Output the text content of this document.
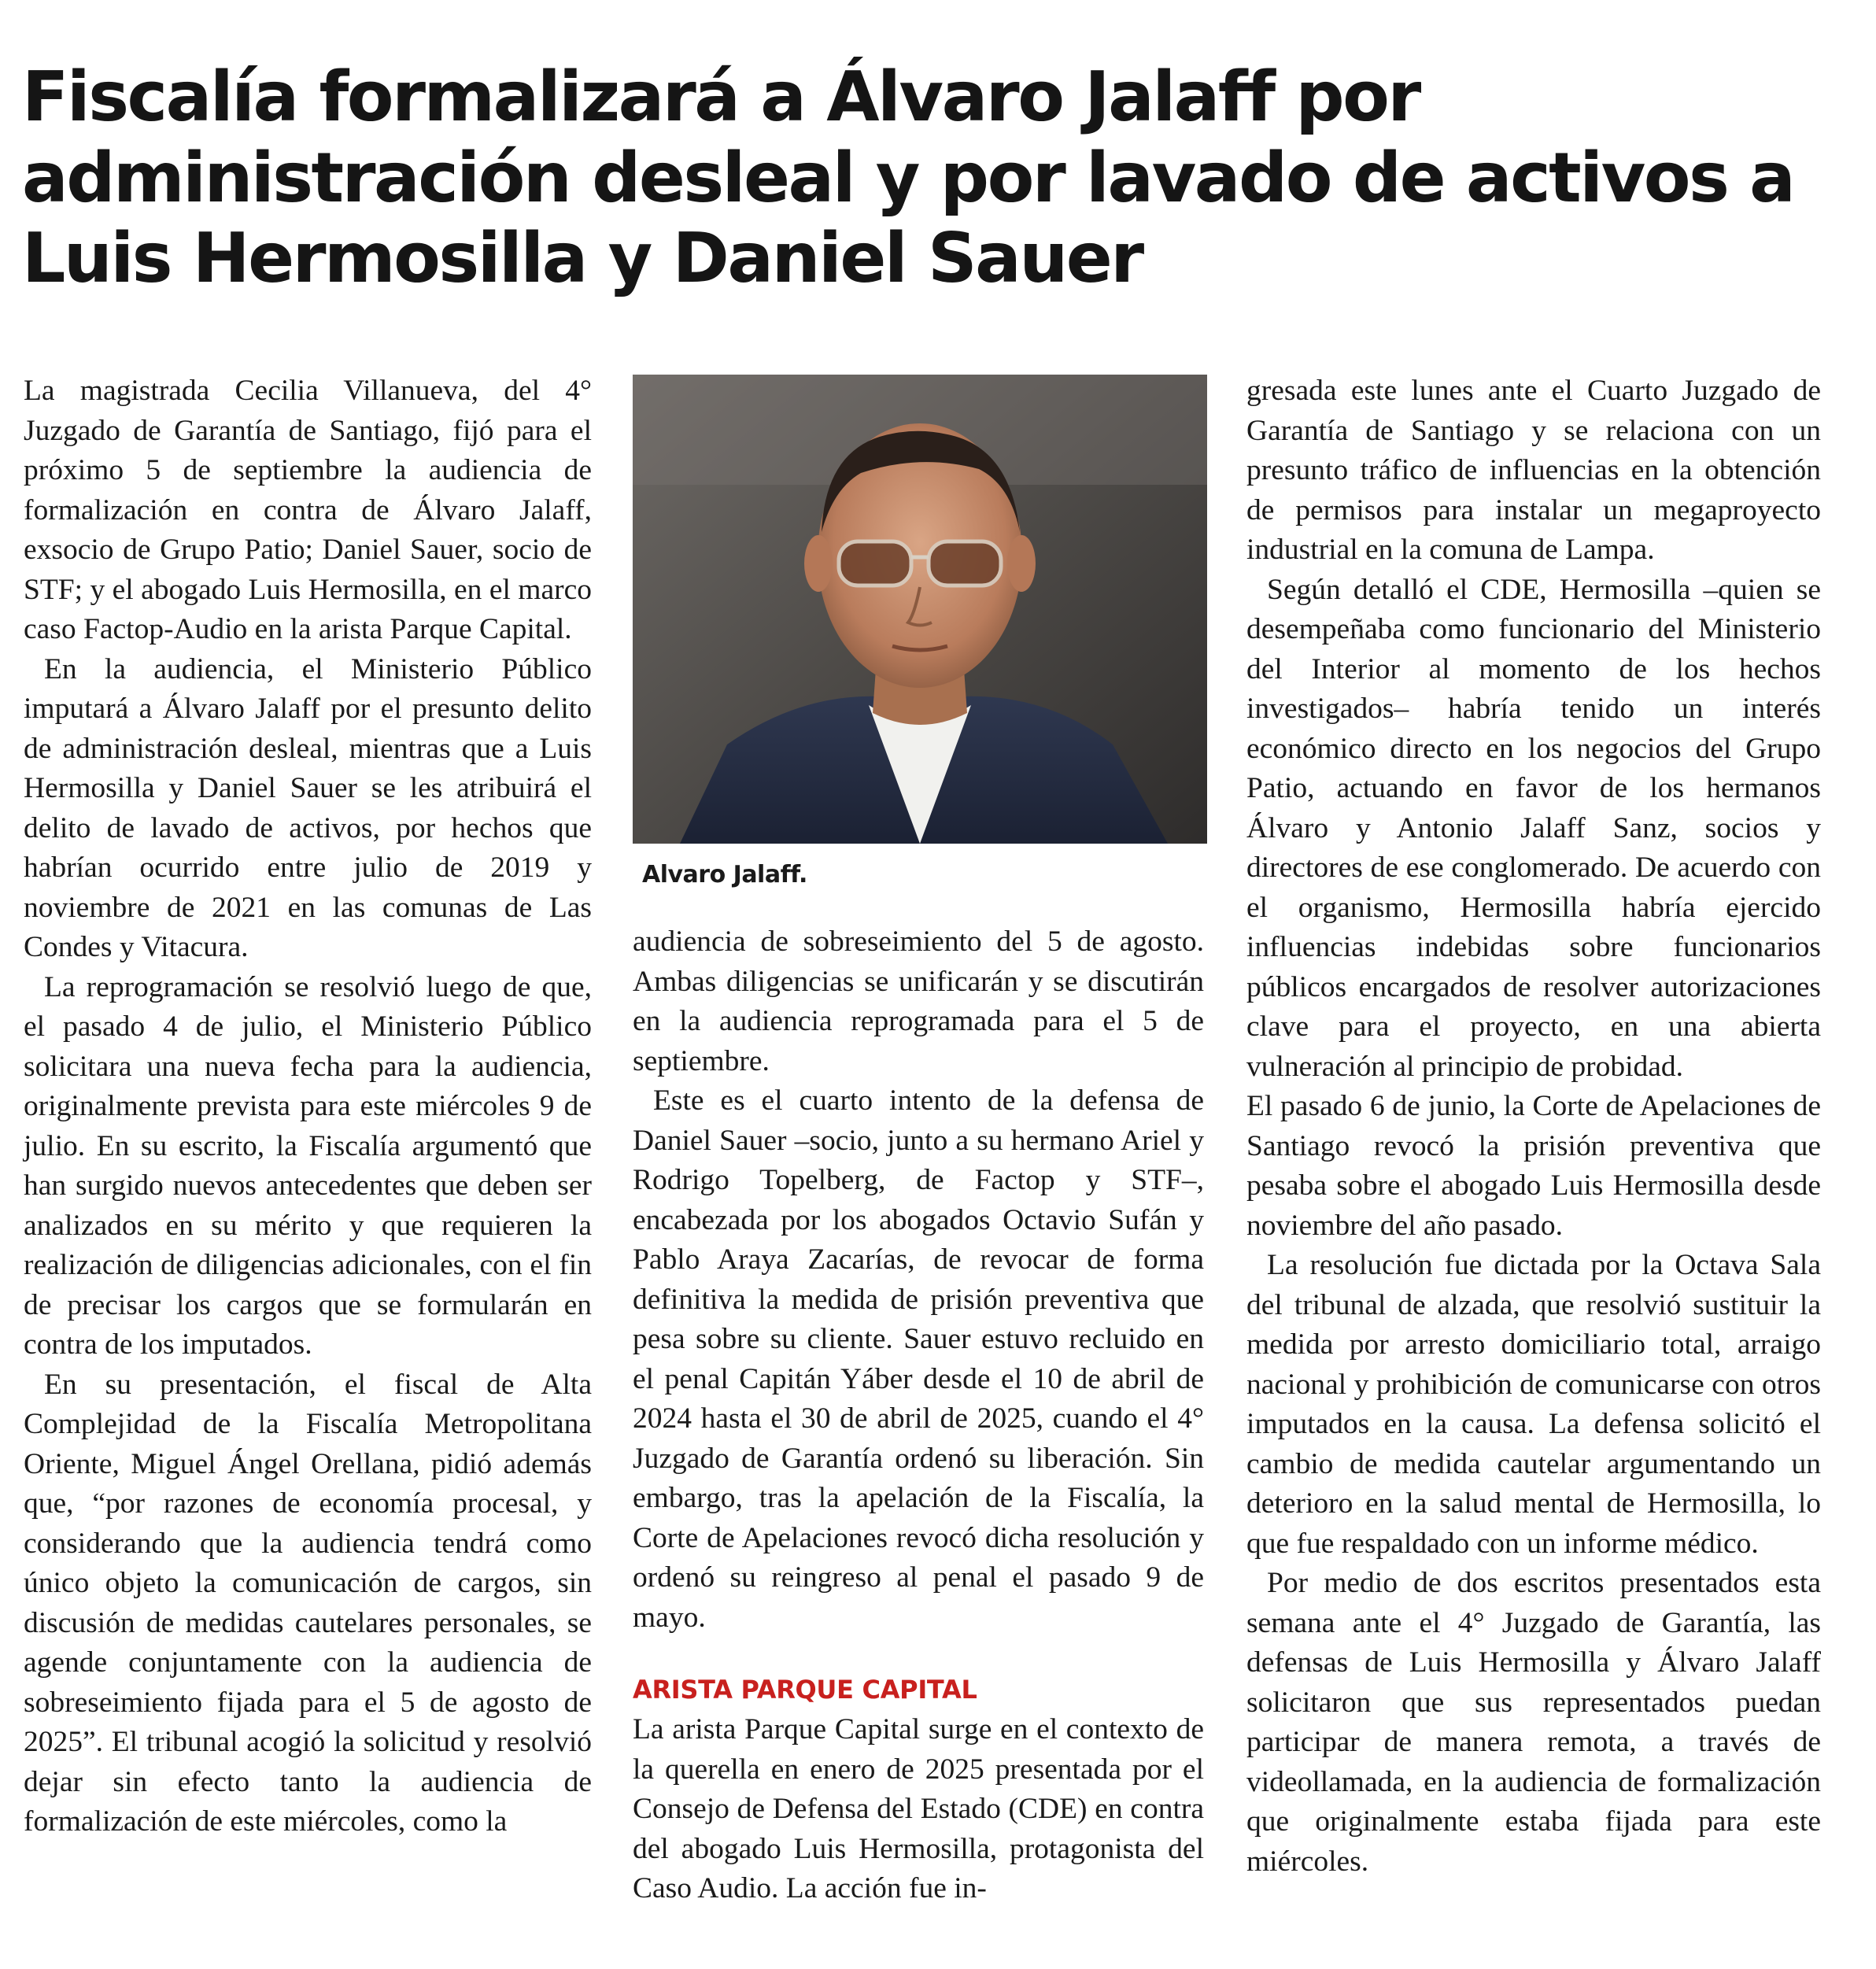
Fiscalía formalizará a Álvaro Jalaff por administración desleal y por lavado de activos a Luis Hermosilla y Daniel Sauer

La magistrada Cecilia Villanueva, del 4° Juzgado de Garantía de Santiago, fijó para el próximo 5 de septiembre la audiencia de formalización en contra de Álvaro Jalaff, exsocio de Grupo Patio; Daniel Sauer, socio de STF; y el abogado Luis Hermosilla, en el marco caso Factop-Audio en la arista Parque Capital.

En la audiencia, el Ministerio Público imputará a Álvaro Jalaff por el presunto delito de administración desleal, mientras que a Luis Hermosilla y Daniel Sauer se les atribuirá el delito de lavado de activos, por hechos que habrían ocurrido entre julio de 2019 y noviembre de 2021 en las comunas de Las Condes y Vitacura.

La reprogramación se resolvió luego de que, el pasado 4 de julio, el Ministerio Público solicitara una nueva fecha para la audiencia, originalmente prevista para este miércoles 9 de julio. En su escrito, la Fiscalía argumentó que han surgido nuevos antecedentes que deben ser analizados en su mérito y que requieren la realización de diligencias adicionales, con el fin de precisar los cargos que se formularán en contra de los imputados.

En su presentación, el fiscal de Alta Complejidad de la Fiscalía Metropolitana Oriente, Miguel Ángel Orellana, pidió además que, “por razones de economía procesal, y considerando que la audiencia tendrá como único objeto la comunicación de cargos, sin discusión de medidas cautelares personales, se agende conjuntamente con la audiencia de sobreseimiento fijada para el 5 de agosto de 2025”. El tribunal acogió la solicitud y resolvió dejar sin efecto tanto la audiencia de formalización de este miércoles, como la

Alvaro Jalaff.

audiencia de sobreseimiento del 5 de agosto. Ambas diligencias se unificarán y se discutirán en la audiencia reprogramada para el 5 de septiembre.

Este es el cuarto intento de la defensa de Daniel Sauer –socio, junto a su hermano Ariel y Rodrigo Topelberg, de Factop y STF–, encabezada por los abogados Octavio Sufán y Pablo Araya Zacarías, de revocar de forma definitiva la medida de prisión preventiva que pesa sobre su cliente. Sauer estuvo recluido en el penal Capitán Yáber desde el 10 de abril de 2024 hasta el 30 de abril de 2025, cuando el 4° Juzgado de Garantía ordenó su liberación. Sin embargo, tras la apelación de la Fiscalía, la Corte de Apelaciones revocó dicha resolución y ordenó su reingreso al penal el pasado 9 de mayo.

ARISTA PARQUE CAPITAL

La arista Parque Capital surge en el contexto de la querella en enero de 2025 presentada por el Consejo de Defensa del Estado (CDE) en contra del abogado Luis Hermosilla, protagonista del Caso Audio. La acción fue in-

gresada este lunes ante el Cuarto Juzgado de Garantía de Santiago y se relaciona con un presunto tráfico de influencias en la obtención de permisos para instalar un megaproyecto industrial en la comuna de Lampa.

Según detalló el CDE, Hermosilla –quien se desempeñaba como funcionario del Ministerio del Interior al momento de los hechos investigados– habría tenido un interés económico directo en los negocios del Grupo Patio, actuando en favor de los hermanos Álvaro y Antonio Jalaff Sanz, socios y directores de ese conglomerado. De acuerdo con el organismo, Hermosilla habría ejercido influencias indebidas sobre funcionarios públicos encargados de resolver autorizaciones clave para el proyecto, en una abierta vulneración al principio de probidad.

El pasado 6 de junio, la Corte de Apelaciones de Santiago revocó la prisión preventiva que pesaba sobre el abogado Luis Hermosilla desde noviembre del año pasado.

La resolución fue dictada por la Octava Sala del tribunal de alzada, que resolvió sustituir la medida por arresto domiciliario total, arraigo nacional y prohibición de comunicarse con otros imputados en la causa. La defensa solicitó el cambio de medida cautelar argumentando un deterioro en la salud mental de Hermosilla, lo que fue respaldado con un informe médico.

Por medio de dos escritos presentados esta semana ante el 4° Juzgado de Garantía, las defensas de Luis Hermosilla y Álvaro Jalaff solicitaron que sus representados puedan participar de manera remota, a través de videollamada, en la audiencia de formalización que originalmente estaba fijada para este miércoles.
